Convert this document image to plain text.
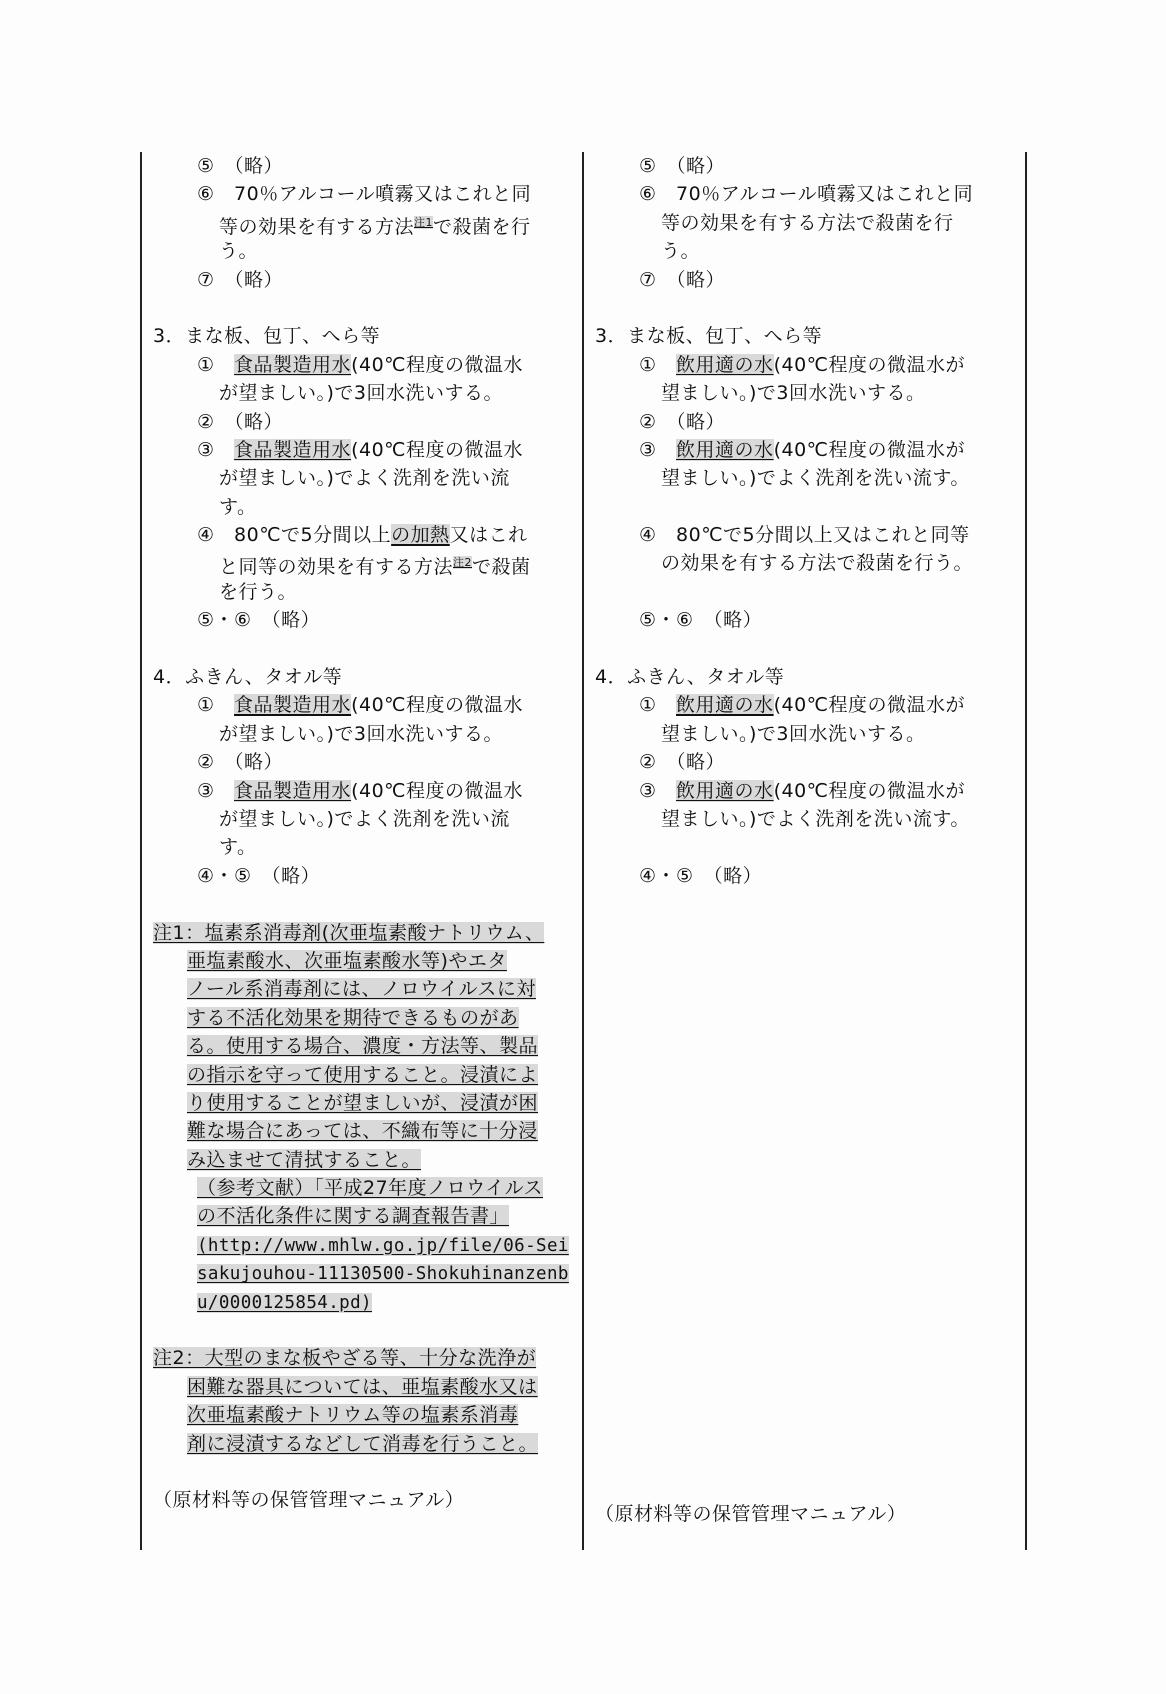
⑤　（略）
⑥　70％アルコール噴霧又はこれと同
等の効果を有する方法$^{注1}$で殺菌を行
う。
⑦　（略）
3．まな板、包丁、へら等
①　食品製造用水(40℃程度の微温水
が望ましい。)で3回水洗いする。
②　（略）
③　食品製造用水(40℃程度の微温水
が望ましい。)でよく洗剤を洗い流
す。
④　80℃で5分間以上の加熱又はこれ
と同等の効果を有する方法$^{注2}$で殺菌
を行う。
⑤・⑥　（略）
4．ふきん、タオル等
①　食品製造用水(40℃程度の微温水
が望ましい。)で3回水洗いする。
②　（略）
③　食品製造用水(40℃程度の微温水
が望ましい。)でよく洗剤を洗い流
す。
④・⑤　（略）
注1：塩素系消毒剤(次亜塩素酸ナトリウム、
亜塩素酸水、次亜塩素酸水等)やエタ
ノール系消毒剤には、ノロウイルスに対
する不活化効果を期待できるものがあ
る。使用する場合、濃度・方法等、製品
の指示を守って使用すること。浸漬によ
り使用することが望ましいが、浸漬が困
難な場合にあっては、不織布等に十分浸
み込ませて清拭すること。
（参考文献）「平成27年度ノロウイルス
の不活化条件に関する調査報告書」
(http://www.mhlw.go.jp/file/06-Sei
sakujouhou-11130500-Shokuhinanzenb
u/0000125854.pd)
注2：大型のまな板やざる等、十分な洗浄が
困難な器具については、亜塩素酸水又は
次亜塩素酸ナトリウム等の塩素系消毒
剤に浸漬するなどして消毒を行うこと。
（原材料等の保管管理マニュアル）
⑤　（略）
⑥　70％アルコール噴霧又はこれと同
等の効果を有する方法で殺菌を行
う。
⑦　（略）
3．まな板、包丁、へら等
①　飲用適の水(40℃程度の微温水が
望ましい。)で3回水洗いする。
②　（略）
③　飲用適の水(40℃程度の微温水が
望ましい。)でよく洗剤を洗い流す。
④　80℃で5分間以上又はこれと同等
の効果を有する方法で殺菌を行う。
⑤・⑥　（略）
4．ふきん、タオル等
①　飲用適の水(40℃程度の微温水が
望ましい。)で3回水洗いする。
②　（略）
③　飲用適の水(40℃程度の微温水が
望ましい。)でよく洗剤を洗い流す。
④・⑤　（略）
（原材料等の保管管理マニュアル）
